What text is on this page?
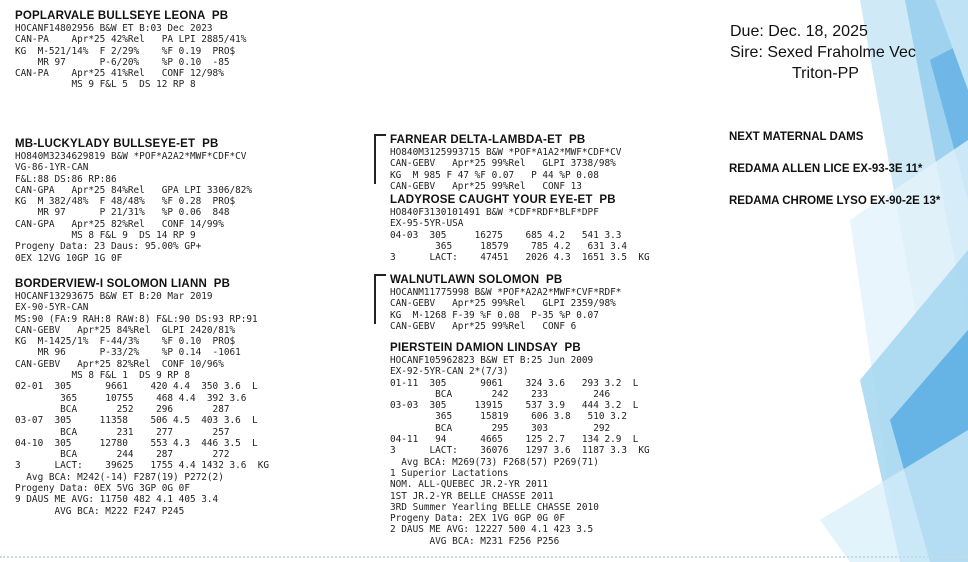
POPLARVALE BULLSEYE LEONA  PB
HOCANF14802956 B&W ET B:03 Dec 2023
CAN-PA    Apr*25 42%Rel   PA LPI 2885/41%
KG  M-521/14%  F 2/29%    %F 0.19  PRO$
MR 97      P-6/20%    %P 0.10  -85
CAN-PA    Apr*25 41%Rel   CONF 12/98%
MS 9 F&L 5  DS 12 RP 8
MB-LUCKYLADY BULLSEYE-ET  PB
HO840M3234629819 B&W *POF*A2A2*MWF*CDF*CV
VG-86-1YR-CAN
F&L:88 DS:86 RP:86
CAN-GPA   Apr*25 84%Rel   GPA LPI 3306/82%
KG  M 382/48%  F 48/48%   %F 0.28  PRO$
MR 97      P 21/31%   %P 0.06  848
CAN-GPA   Apr*25 82%Rel   CONF 14/99%
MS 8 F&L 9  DS 14 RP 9
Progeny Data: 23 Daus: 95.00% GP+
0EX 12VG 10GP 1G 0F
BORDERVIEW-I SOLOMON LIANN  PB
HOCANF13293675 B&W ET B:20 Mar 2019
EX-90-5YR-CAN
MS:90 (FA:9 RAH:8 RAW:8) F&L:90 DS:93 RP:91
CAN-GEBV   Apr*25 84%Rel  GLPI 2420/81%
KG  M-1425/1%  F-44/3%    %F 0.10  PRO$
MR 96      P-33/2%    %P 0.14  -1061
CAN-GEBV   Apr*25 82%Rel  CONF 10/96%
MS 8 F&L 1  DS 9 RP 8
02-01  305      9661    420 4.4  350 3.6  L
365     10755    468 4.4  392 3.6
BCA       252    296       287
03-07  305     11358    506 4.5  403 3.6  L
BCA       231    277       257
04-10  305     12780    553 4.3  446 3.5  L
BCA       244    287       272
3      LACT:    39625   1755 4.4 1432 3.6  KG
Avg BCA: M242(-14) F287(19) P272(2)
Progeny Data: 0EX 5VG 3GP 0G 0F
9 DAUS ME AVG: 11750 482 4.1 405 3.4
AVG BCA: M222 F247 P245
FARNEAR DELTA-LAMBDA-ET  PB
HO840M3125993715 B&W *POF*A1A2*MWF*CDF*CV
CAN-GEBV   Apr*25 99%Rel   GLPI 3738/98%
KG  M 985 F 47 %F 0.07   P 44 %P 0.08
CAN-GEBV   Apr*25 99%Rel   CONF 13
LADYROSE CAUGHT YOUR EYE-ET  PB
HO840F3130101491 B&W *CDF*RDF*BLF*DPF
EX-95-5YR-USA
04-03  305     16275    685 4.2   541 3.3
365     18579    785 4.2   631 3.4
3      LACT:    47451   2026 4.3  1651 3.5  KG
WALNUTLAWN SOLOMON  PB
HOCANM11775998 B&W *POF*A2A2*MWF*CVF*RDF*
CAN-GEBV   Apr*25 99%Rel   GLPI 2359/98%
KG  M-1268 F-39 %F 0.08  P-35 %P 0.07
CAN-GEBV   Apr*25 99%Rel   CONF 6
PIERSTEIN DAMION LINDSAY  PB
HOCANF105962823 B&W ET B:25 Jun 2009
EX-92-5YR-CAN 2*(7/3)
01-11  305      9061    324 3.6   293 3.2  L
BCA       242    233        246
03-03  305     13915    537 3.9   444 3.2  L
365     15819    606 3.8   510 3.2
BCA       295    303        292
04-11   94      4665    125 2.7   134 2.9  L
3      LACT:    36076   1297 3.6  1187 3.3  KG
Avg BCA: M269(73) F268(57) P269(71)
1 Superior Lactations
NOM. ALL-QUEBEC JR.2-YR 2011
1ST JR.2-YR BELLE CHASSE 2011
3RD Summer Yearling BELLE CHASSE 2010
Progeny Data: 2EX 1VG 0GP 0G 0F
2 DAUS ME AVG: 12227 500 4.1 423 3.5
AVG BCA: M231 F256 P256
Due: Dec. 18, 2025
Sire: Sexed Fraholme Vec
Triton-PP
NEXT MATERNAL DAMS
REDAMA ALLEN LICE EX-93-3E 11*
REDAMA CHROME LYSO EX-90-2E 13*
